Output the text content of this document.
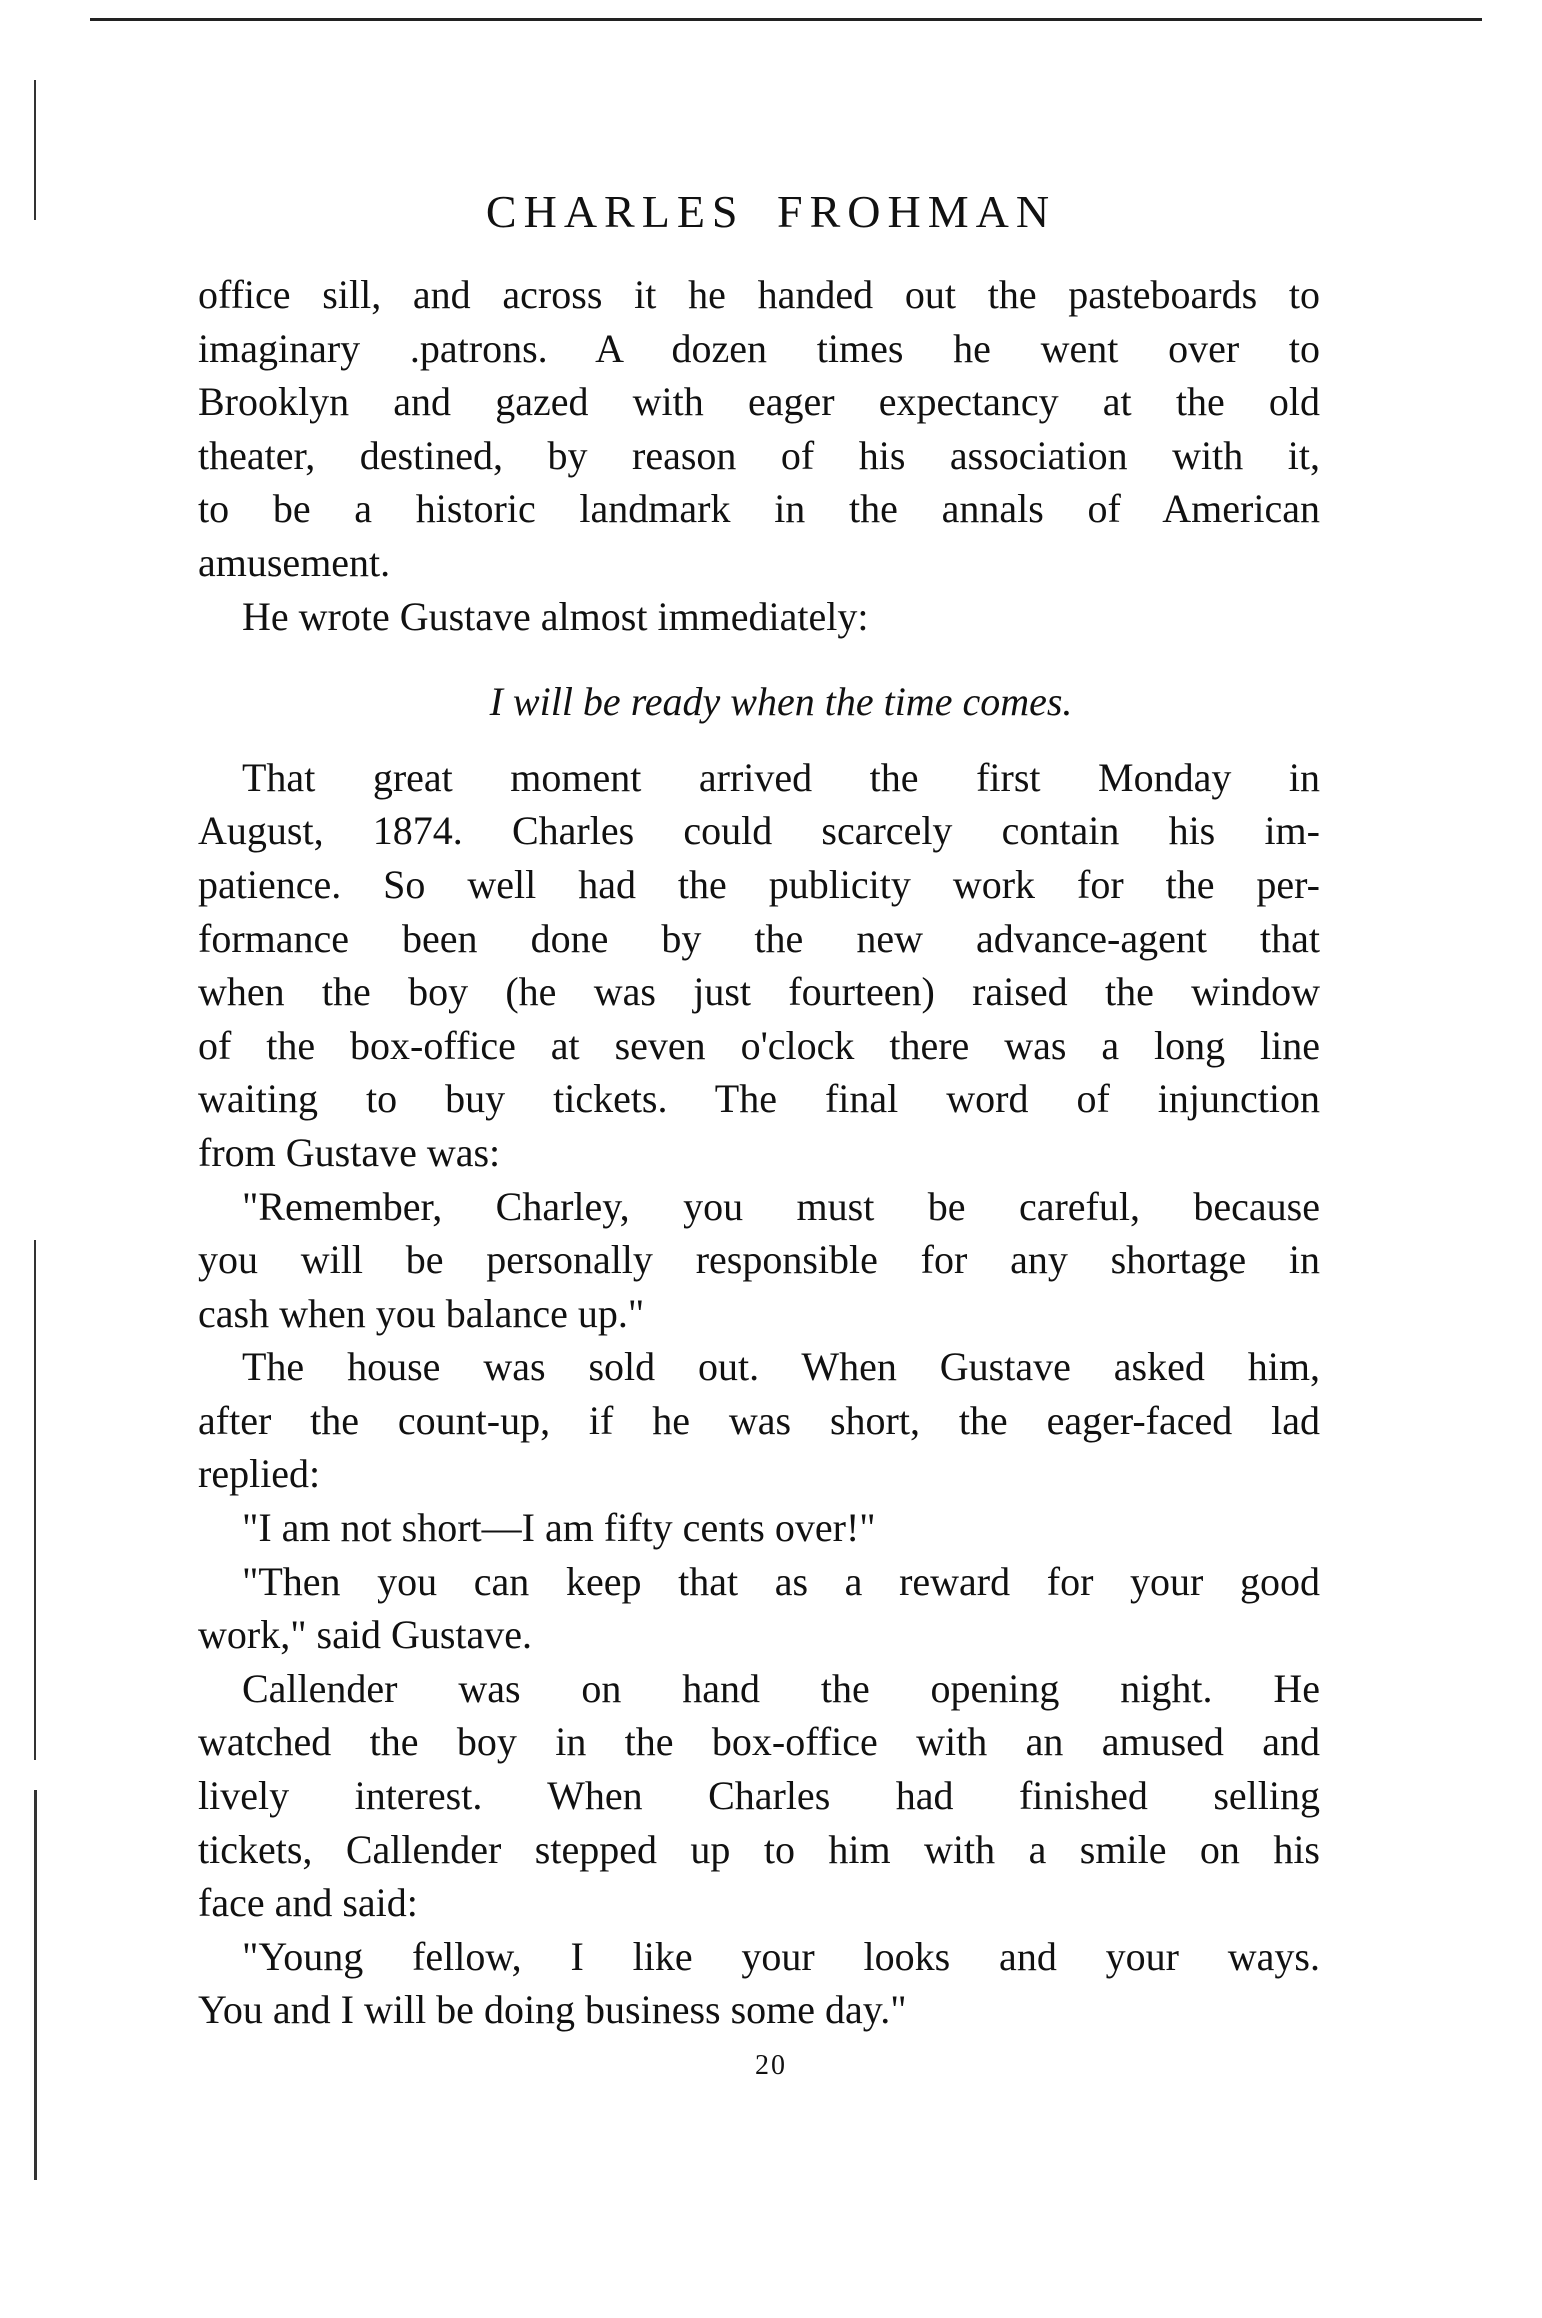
CHARLES FROHMAN
office sill, and across it he handed out the pasteboards to
imaginary .patrons. A dozen times he went over to
Brooklyn and gazed with eager expectancy at the old
theater, destined, by reason of his association with it,
to be a historic landmark in the annals of American
amusement.
He wrote Gustave almost immediately:
I will be ready when the time comes.
That great moment arrived the first Monday in
August, 1874. Charles could scarcely contain his im-
patience. So well had the publicity work for the per-
formance been done by the new advance-agent that
when the boy (he was just fourteen) raised the window
of the box-office at seven o'clock there was a long line
waiting to buy tickets. The final word of injunction
from Gustave was:
"Remember, Charley, you must be careful, because
you will be personally responsible for any shortage in
cash when you balance up."
The house was sold out. When Gustave asked him,
after the count-up, if he was short, the eager-faced lad
replied:
"I am not short—I am fifty cents over!"
"Then you can keep that as a reward for your good
work," said Gustave.
Callender was on hand the opening night. He
watched the boy in the box-office with an amused and
lively interest. When Charles had finished selling
tickets, Callender stepped up to him with a smile on his
face and said:
"Young fellow, I like your looks and your ways.
You and I will be doing business some day."
20
